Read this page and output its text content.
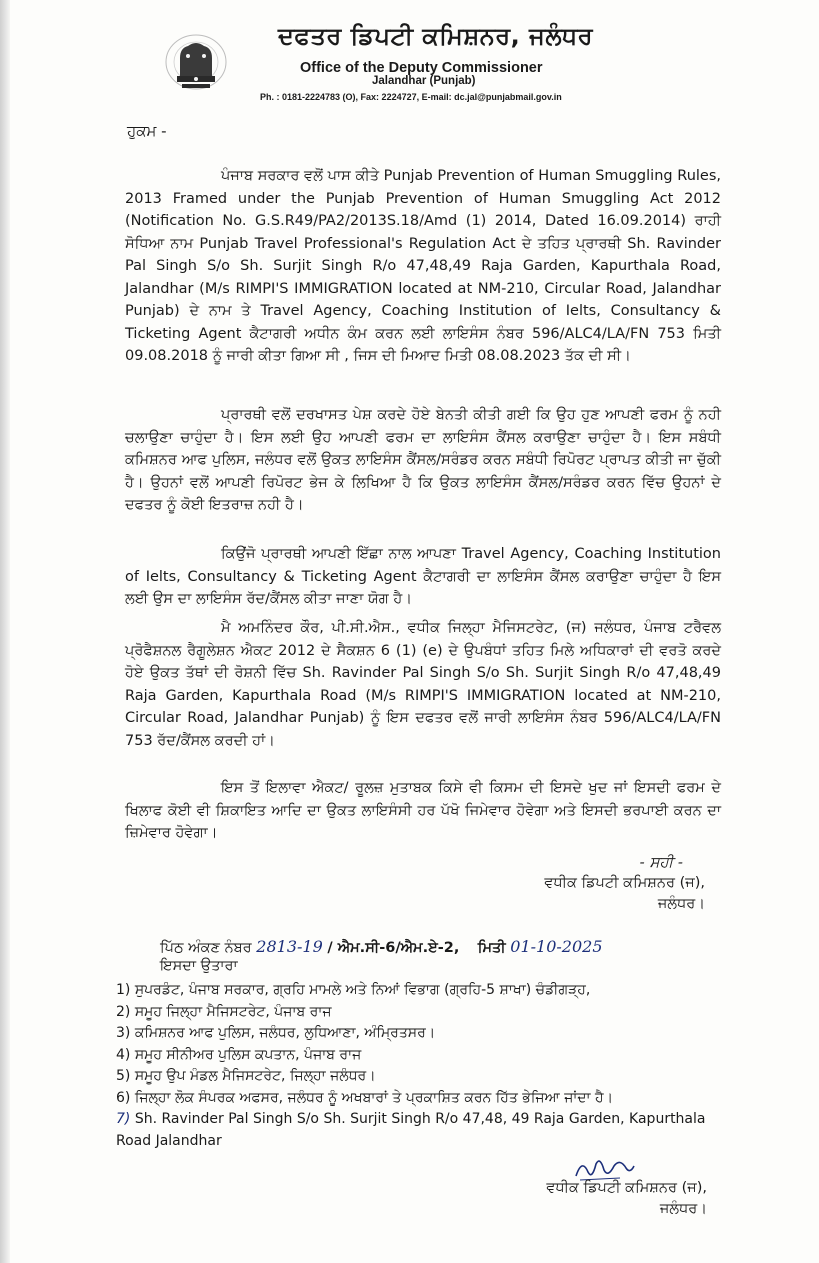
ਦਫਤਰ ਡਿਪਟੀ ਕਮਿਸ਼ਨਰ, ਜਲੰਧਰ
Office of the Deputy Commissioner
Jalandhar (Punjab)
Ph. : 0181-2224783 (O), Fax: 2224727, E-mail: dc.jal@punjabmail.gov.in
ਹੁਕਮ -

ਪੰਜਾਬ ਸਰਕਾਰ ਵਲੋਂ ਪਾਸ ਕੀਤੇ Punjab Prevention of Human Smuggling Rules, 2013 Framed under the Punjab Prevention of Human Smuggling Act 2012 (Notification No. G.S.R49/PA2/2013S.18/Amd (1) 2014, Dated 16.09.2014) ਰਾਹੀ ਸੋਧਿਆ ਨਾਮ Punjab Travel Professional's Regulation Act ਦੇ ਤਹਿਤ ਪ੍ਰਾਰਥੀ Sh. Ravinder Pal Singh S/o Sh. Surjit Singh R/o 47,48,49 Raja Garden, Kapurthala Road, Jalandhar (M/s RIMPI'S IMMIGRATION located at NM-210, Circular Road, Jalandhar Punjab) ਦੇ ਨਾਮ ਤੇ Travel Agency, Coaching Institution of Ielts, Consultancy & Ticketing Agent ਕੈਟਾਗਰੀ ਅਧੀਨ ਕੰਮ ਕਰਨ ਲਈ ਲਾਇਸੰਸ ਨੰਬਰ 596/ALC4/LA/FN 753 ਮਿਤੀ 09.08.2018 ਨੂੰ ਜਾਰੀ ਕੀਤਾ ਗਿਆ ਸੀ , ਜਿਸ ਦੀ ਮਿਆਦ ਮਿਤੀ 08.08.2023 ਤੱਕ ਦੀ ਸੀ।

ਪ੍ਰਾਰਥੀ ਵਲੋਂ ਦਰਖਾਸਤ ਪੇਸ਼ ਕਰਦੇ ਹੋਏ ਬੇਨਤੀ ਕੀਤੀ ਗਈ ਕਿ ਉਹ ਹੁਣ ਆਪਣੀ ਫਰਮ ਨੂੰ ਨਹੀ ਚਲਾਉਣਾ ਚਾਹੁੰਦਾ ਹੈ। ਇਸ ਲਈ ਉਹ ਆਪਣੀ ਫਰਮ ਦਾ ਲਾਇਸੰਸ ਕੈਂਸਲ ਕਰਾਉਣਾ ਚਾਹੁੰਦਾ ਹੈ। ਇਸ ਸਬੰਧੀ ਕਮਿਸ਼ਨਰ ਆਫ ਪੁਲਿਸ, ਜਲੰਧਰ ਵਲੋਂ ਉਕਤ ਲਾਇਸੰਸ ਕੈਂਸਲ/ਸਰੰਡਰ ਕਰਨ ਸਬੰਧੀ ਰਿਪੋਰਟ ਪ੍ਰਾਪਤ ਕੀਤੀ ਜਾ ਚੁੱਕੀ ਹੈ। ਉਹਨਾਂ ਵਲੋਂ ਆਪਣੀ ਰਿਪੋਰਟ ਭੇਜ ਕੇ ਲਿਖਿਆ ਹੈ ਕਿ ਉਕਤ ਲਾਇਸੰਸ ਕੈਂਸਲ/ਸਰੰਡਰ ਕਰਨ ਵਿੱਚ ਉਹਨਾਂ ਦੇ ਦਫਤਰ ਨੂੰ ਕੋਈ ਇਤਰਾਜ਼ ਨਹੀ ਹੈ।

ਕਿਉਂਜੋ ਪ੍ਰਾਰਥੀ ਆਪਣੀ ਇੱਛਾ ਨਾਲ ਆਪਣਾ Travel Agency, Coaching Institution of Ielts, Consultancy & Ticketing Agent ਕੈਟਾਗਰੀ ਦਾ ਲਾਇਸੰਸ ਕੈਂਸਲ ਕਰਾਉਣਾ ਚਾਹੁੰਦਾ ਹੈ ਇਸ ਲਈ ਉਸ ਦਾ ਲਾਇਸੰਸ ਰੱਦ/ਕੈਂਸਲ ਕੀਤਾ ਜਾਣਾ ਯੋਗ ਹੈ।

ਮੈ ਅਮਨਿੰਦਰ ਕੌਰ, ਪੀ.ਸੀ.ਐਸ., ਵਧੀਕ ਜਿਲ੍ਹਾ ਮੈਜਿਸਟਰੇਟ, (ਜ) ਜਲੰਧਰ, ਪੰਜਾਬ ਟਰੈਵਲ ਪ੍ਰੋਫੈਸ਼ਨਲ ਰੈਗੂਲੇਸ਼ਨ ਐਕਟ 2012 ਦੇ ਸੈਕਸ਼ਨ 6 (1) (e) ਦੇ ਉਪਬੰਧਾਂ ਤਹਿਤ ਮਿਲੇ ਅਧਿਕਾਰਾਂ ਦੀ ਵਰਤੋ ਕਰਦੇ ਹੋਏ ਉਕਤ ਤੱਥਾਂ ਦੀ ਰੋਸ਼ਨੀ ਵਿੱਚ Sh. Ravinder Pal Singh S/o Sh. Surjit Singh R/o 47,48,49 Raja Garden, Kapurthala Road (M/s RIMPI'S IMMIGRATION located at NM-210, Circular Road, Jalandhar Punjab) ਨੂੰ ਇਸ ਦਫਤਰ ਵਲੋਂ ਜਾਰੀ ਲਾਇਸੰਸ ਨੰਬਰ 596/ALC4/LA/FN 753 ਰੱਦ/ਕੈਂਸਲ ਕਰਦੀ ਹਾਂ।

ਇਸ ਤੋਂ ਇਲਾਵਾ ਐਕਟ/ ਰੂਲਜ਼ ਮੁਤਾਬਕ ਕਿਸੇ ਵੀ ਕਿਸਮ ਦੀ ਇਸਦੇ ਖੁਦ ਜਾਂ ਇਸਦੀ ਫਰਮ ਦੇ ਖਿਲਾਫ ਕੋਈ ਵੀ ਸ਼ਿਕਾਇਤ ਆਦਿ ਦਾ ਉਕਤ ਲਾਇਸੰਸੀ ਹਰ ਪੱਖੋ ਜਿਮੇਵਾਰ ਹੋਵੇਗਾ ਅਤੇ ਇਸਦੀ ਭਰਪਾਈ ਕਰਨ ਦਾ ਜ਼ਿਮੇਵਾਰ ਹੋਵੇਗਾ।

- ਸਹੀ -
ਵਧੀਕ ਡਿਪਟੀ ਕਮਿਸ਼ਨਰ (ਜ),
ਜਲੰਧਰ।
ਪਿੱਠ ਅੰਕਣ ਨੰਬਰ 2813-19 / ਐਮ.ਸੀ-6/ਐਮ.ਏ-2, ਮਿਤੀ 01-10-2025
ਇਸਦਾ ਉਤਾਰਾ
1) ਸੁਪਰਡੰਟ, ਪੰਜਾਬ ਸਰਕਾਰ, ਗ੍ਰਹਿ ਮਾਮਲੇ ਅਤੇ ਨਿਆਂ ਵਿਭਾਗ (ਗ੍ਰਹਿ-5 ਸ਼ਾਖਾ) ਚੰਡੀਗੜ੍ਹ,
2) ਸਮੂਹ ਜਿਲ੍ਹਾ ਮੈਜਿਸਟਰੇਟ, ਪੰਜਾਬ ਰਾਜ
3) ਕਮਿਸ਼ਨਰ ਆਫ ਪੁਲਿਸ, ਜਲੰਧਰ, ਲੁਧਿਆਣਾ, ਅੰਮ੍ਰਿਤਸਰ।
4) ਸਮੂਹ ਸੀਨੀਅਰ ਪੁਲਿਸ ਕਪਤਾਨ, ਪੰਜਾਬ ਰਾਜ
5) ਸਮੂਹ ਉਪ ਮੰਡਲ ਮੈਜਿਸਟਰੇਟ, ਜਿਲ੍ਹਾ ਜਲੰਧਰ।
6) ਜਿਲ੍ਹਾ ਲੋਕ ਸੰਪਰਕ ਅਫਸਰ, ਜਲੰਧਰ ਨੂੰ ਅਖਬਾਰਾਂ ਤੇ ਪ੍ਰਕਾਸ਼ਿਤ ਕਰਨ ਹਿੱਤ ਭੇਜਿਆ ਜਾਂਦਾ ਹੈ।
7) Sh. Ravinder Pal Singh S/o Sh. Surjit Singh R/o 47,48, 49 Raja Garden, Kapurthala Road Jalandhar
ਵਧੀਕ ਡਿਪਟੀ ਕਮਿਸ਼ਨਰ (ਜ),
ਜਲੰਧਰ।
